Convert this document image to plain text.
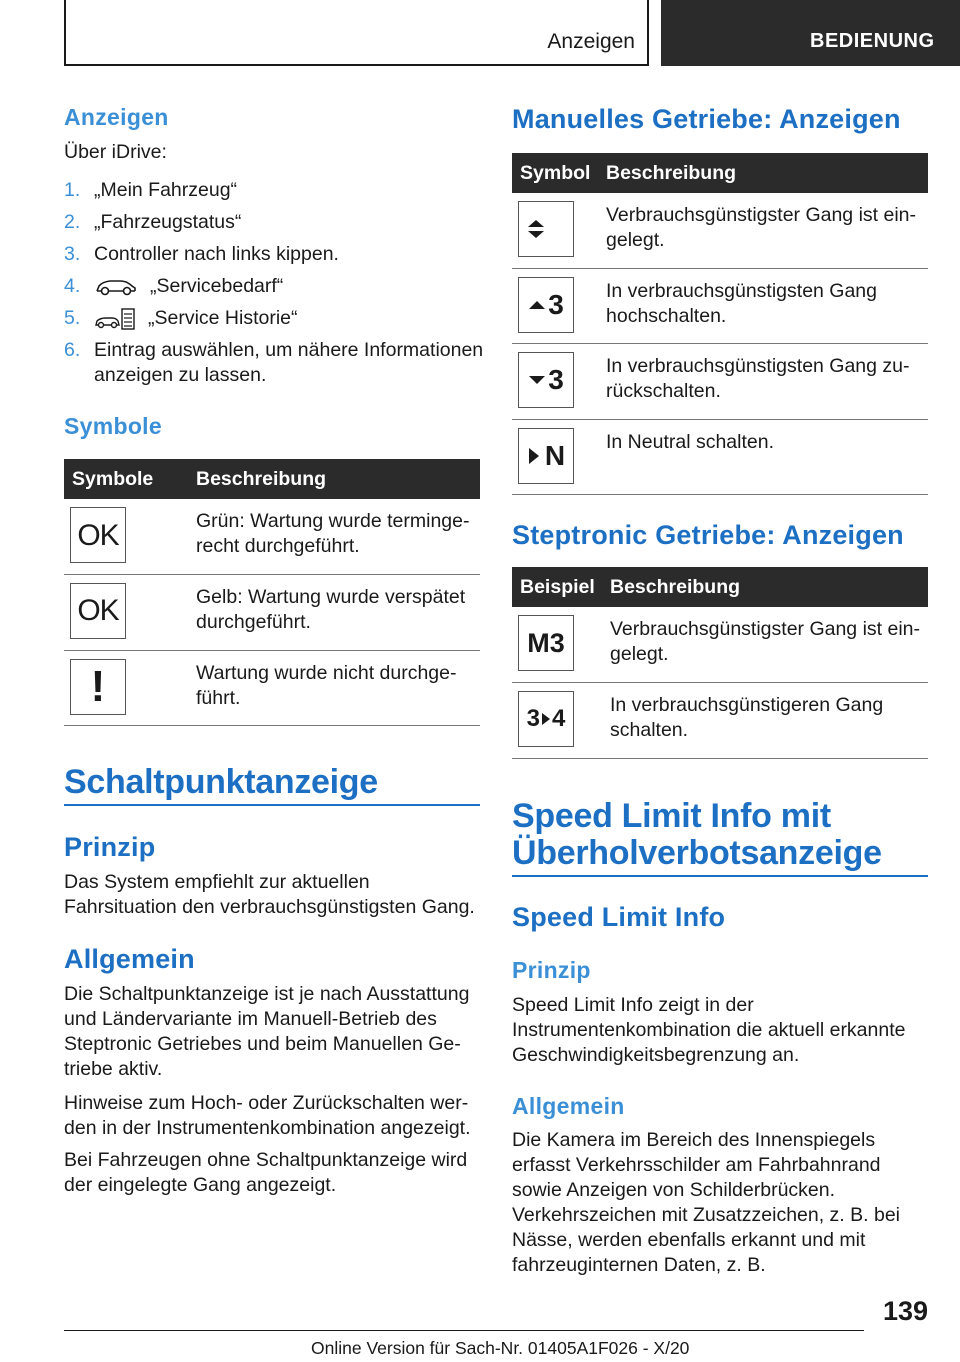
Anzeigen	BEDIENUNG
Anzeigen
Über iDrive:
1. „Mein Fahrzeug“
2. „Fahrzeugstatus“
3. Controller nach links kippen.
4.	„Servicebedarf“
5.	„Service Historie“
6. Eintrag auswählen, um nähere Informationen anzeigen zu lassen.
Symbole
Symbole	Beschreibung

OK	Grün: Wartung wurde termingerecht durchgeführt.

OK	Gelb: Wartung wurde verspätet durchgeführt.

!	Wartung wurde nicht durchgeführt.
Schaltpunktanzeige
Prinzip
Das System empfiehlt zur aktuellen Fahrsituation den verbrauchsgünstigsten Gang.
Allgemein
Die Schaltpunktanzeige ist je nach Ausstattung und Ländervariante im Manuell-Betrieb des Steptronic Getriebes und beim Manuellen Getriebe aktiv.
Hinweise zum Hoch- oder Zurückschalten werden in der Instrumentenkombination angezeigt.
Bei Fahrzeugen ohne Schaltpunktanzeige wird der eingelegte Gang angezeigt.
Manuelles Getriebe: Anzeigen
Symbol	Beschreibung

	Verbrauchsgünstigster Gang ist eingelegt.

3	In verbrauchsgünstigsten Gang hochschalten.

3	In verbrauchsgünstigsten Gang zurückschalten.

N	In Neutral schalten.
Steptronic Getriebe: Anzeigen
Beispiel	Beschreibung

M3	Verbrauchsgünstigster Gang ist eingelegt.

3 4	In verbrauchsgünstigeren Gang schalten.
Speed Limit Info mit
Überholverbotsanzeige
Speed Limit Info
Prinzip
Speed Limit Info zeigt in der Instrumentenkombination die aktuell erkannte Geschwindigkeitsbegrenzung an.
Allgemein
Die Kamera im Bereich des Innenspiegels erfasst Verkehrsschilder am Fahrbahnrand sowie Anzeigen von Schilderbrücken. Verkehrszeichen mit Zusatzzeichen, z. B. bei Nässe, werden ebenfalls erkannt und mit fahrzeuginternen Daten, z. B.
139
Online Version für Sach-Nr. 01405A1F026 - X/20
